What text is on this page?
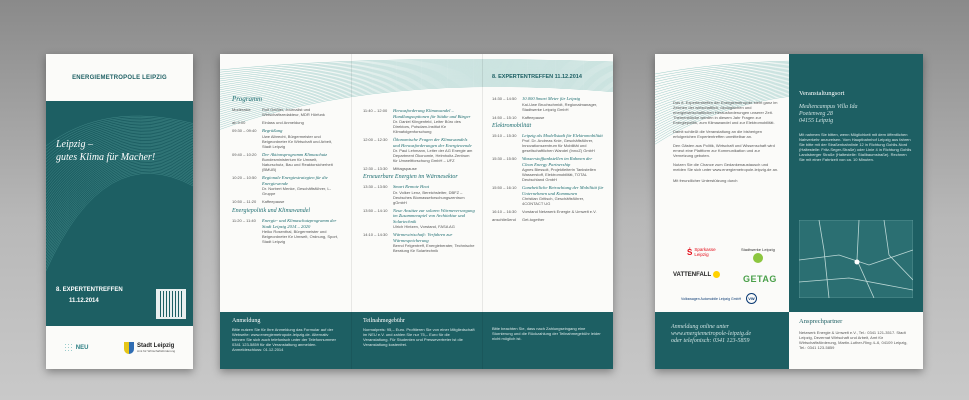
ENERGIEMETROPOLE LEIPZIG
Leipzig –
gutes Klima für Macher!
8. EXPERTENTREFFEN
11.12.2014
NEU	Stadt Leipzig
Amt für Wirtschaftsförderung
Programm
Moderator:	Rolf Geißler, Journalist und Wirtschaftsredakteur, MDR Hörfunk
ab 9:00	Einlass und Anmeldung
09:30 – 09:40	Begrüßung
Uwe Albrecht, Bürgermeister und Beigeordneter für Wirtschaft und Arbeit, Stadt Leipzig
09:40 – 10:20	Der Aktionsprogramm Klimaschutz
Bundesministerium für Umwelt, Naturschutz, Bau und Reaktorsicherheit (BMUB)
10:20 – 10:50	Regionale Energiestrategien für die Energiewende
Dr. Norbert Menke, Geschäftsführer, L-Gruppe
10:50 – 11:20	Kaffeepause
Energiepolitik und Klimawandel
11:20 – 11:40	Energie- und Klimaschutzprogramm der Stadt Leipzig 2014 – 2020
Heiko Rosenthal, Bürgermeister und Beigeordneter für Umwelt, Ordnung, Sport, Stadt Leipzig
11:40 – 12:00	Herausforderung Klimawandel – Handlungsoptionen für Städte und Bürger
Dr. Daniel Klingenfeld, Leiter Büro des Direktors, Potsdam-Institut für Klimafolgenforschung
12:00 – 12:30	Ökonomische Fragen der Klimawandels und Herausforderungen der Energiewende
Dr. Paul Lehmann, Leiter der AG Energie am Department Ökonomie, Helmholtz-Zentrum für Umweltforschung GmbH – UFZ
12:30 – 13:30	Mittagspause
Erneuerbare Energien im Wärmesektor
13:30 – 13:50	Smart Remote Heat
Dr. Volker Lenz, Bereichsleiter, DBFZ – Deutsches Biomasseforschungszentrum gGmbH
13:50 – 14:10	Neue Ansätze zur solaren Wärmeversorgung im Zusammenspiel von Architektur und Solartechnik
Ulrich Hintzen, Vorstand, FASA AG
14:10 – 14:30	Wärmewirtschaft: Verfahren zur Wärmespeicherung
Bernd Felgentreff, Energieberater, Technische Beratung für Solartechnik
8. EXPERTENTREFFEN 11.12.2014
14:30 – 14:50	10.000 Smart Meter für Leipzig
Kai-Uwe Bruchschmidt, Regionalmanager, Stadtwerke Leipzig GmbH
14:50 – 15:10	Kaffeepause
Elektromobilität
15:10 – 15:30	Leipzig als Modellstadt für Elektromobilität
Prof. Dr. Andreas Knie, Geschäftsführer, Innovationszentrum für Mobilität und gesellschaftlichen Wandel (InnoZ) GmbH
15:30 – 15:50	Wasserstofftankstellen im Rahmen der Clean Energy Partnership
Agnes Biessolt, Projektleiterin Tankstellen Wasserstoff, Elektromobilität, TOTAL Deutschland GmbH
15:50 – 16:10	Ganzheitliche Betrachtung der Mobilität für Unternehmen und Kommunen
Christian Gritisch, Geschäftsführer, 4CONTACT UG
16:10 – 16:30	Vorstand Netzwerk Energie & Umwelt e.V.
anschließend	Get-together
Anmeldung
Bitte nutzen Sie für Ihre Anmeldung das Formular auf der Webseite: www.energiemetropole-leipzig.de. Alternativ können Sie sich auch telefonisch unter der Telefonnummer 0341 123-5859 für die Veranstaltung anmelden. Anmeldeschluss: 01.12.2014
Teilnahmegebühr
Normalpreis: 95,– Euro. Profitieren Sie von einer Mitgliedschaft im NEU e.V. und zahlen Sie nur 75,– Euro für die Veranstaltung. Für Studenten und Pressevertreter ist die Veranstaltung kostenfrei.
Bitte beachten Sie, dass nach Zahlungseingang eine Stornierung und die Rückzahlung der Teilnahmegebühr leider nicht möglich ist.
Das 8. Expertentreffen der Energiemetropole steht ganz im Zeichen der wirtschaftlich, ökologischen und energiewirtschaftlichen Herausforderungen unserer Zeit. Themenblöcke werden in diesem Jahr Fragen zur Energiepolitik, zum Klimawandel und zur Elektromobilität.
Damit schließt die Veranstaltung an die bisherigen erfolgreichen Expertentreffen unmittelbar an.
Den Gästen aus Politik, Wirtschaft und Wissenschaft wird erneut eine Plattform zur Kommunikation und zur Vernetzung geboten.
Nutzen Sie die Chance zum Gedankenaustausch und melden Sie sich unter www.energiemetropole-leipzig.de an.
Mit freundlicher Unterstützung durch
Ṡ Sparkasse Leipzig
Stadtwerke Leipzig
VATTENFALL	GETAG
Volkswagen Automobile Leipzig GmbH	VW
Anmeldung online unter
www.energiemetropole-leipzig.de
oder telefonisch: 0341 123-5859
Veranstaltungsort
Mediencampus Villa Ida
Poetenweg 28
04155 Leipzig
Mit nahmen Sie bitten, wenn Möglichkeit mit dem öffentlichen Nahverkehr anzureisen. Vom Hauptbahnhof Leipzig aus fahren Sie bitte mit der Straßenbahnlinie 12 in Richtung Gohlis-Nord (Haltestelle: Fritz-Seger-Straße) oder Linie 4 in Richtung Gohlis Landsberger Straße (Haltestelle: Stallbaumstraße). Rechnen Sie mit einer Fahrtzeit von ca. 10 Minuten.
Ansprechpartner
Netzwerk Energie & Umwelt e.V., Tel.: 0341 121-3517. Stadt Leipzig, Dezernat Wirtschaft und Arbeit, Amt für Wirtschaftsförderung, Martin-Luther-Ring 4–6, 04109 Leipzig, Tel.: 0341 123-5859
